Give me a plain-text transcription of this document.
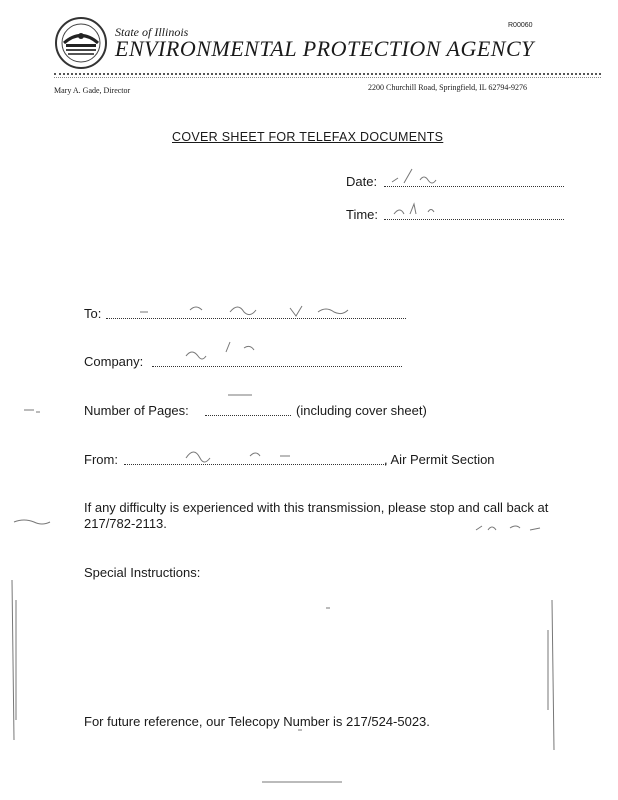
State of Illinois
ENVIRONMENTAL PROTECTION AGENCY
R00060
Mary A. Gade, Director	2200 Churchill Road, Springfield, IL 62794-9276
COVER SHEET FOR TELEFAX DOCUMENTS
Date:
Time:
To:
Company:
Number of Pages:	(including cover sheet)
From:	, Air Permit Section
If any difficulty is experienced with this transmission, please stop and call back at 217/782-2113.
Special Instructions:
For future reference, our Telecopy Number is 217/524-5023.
